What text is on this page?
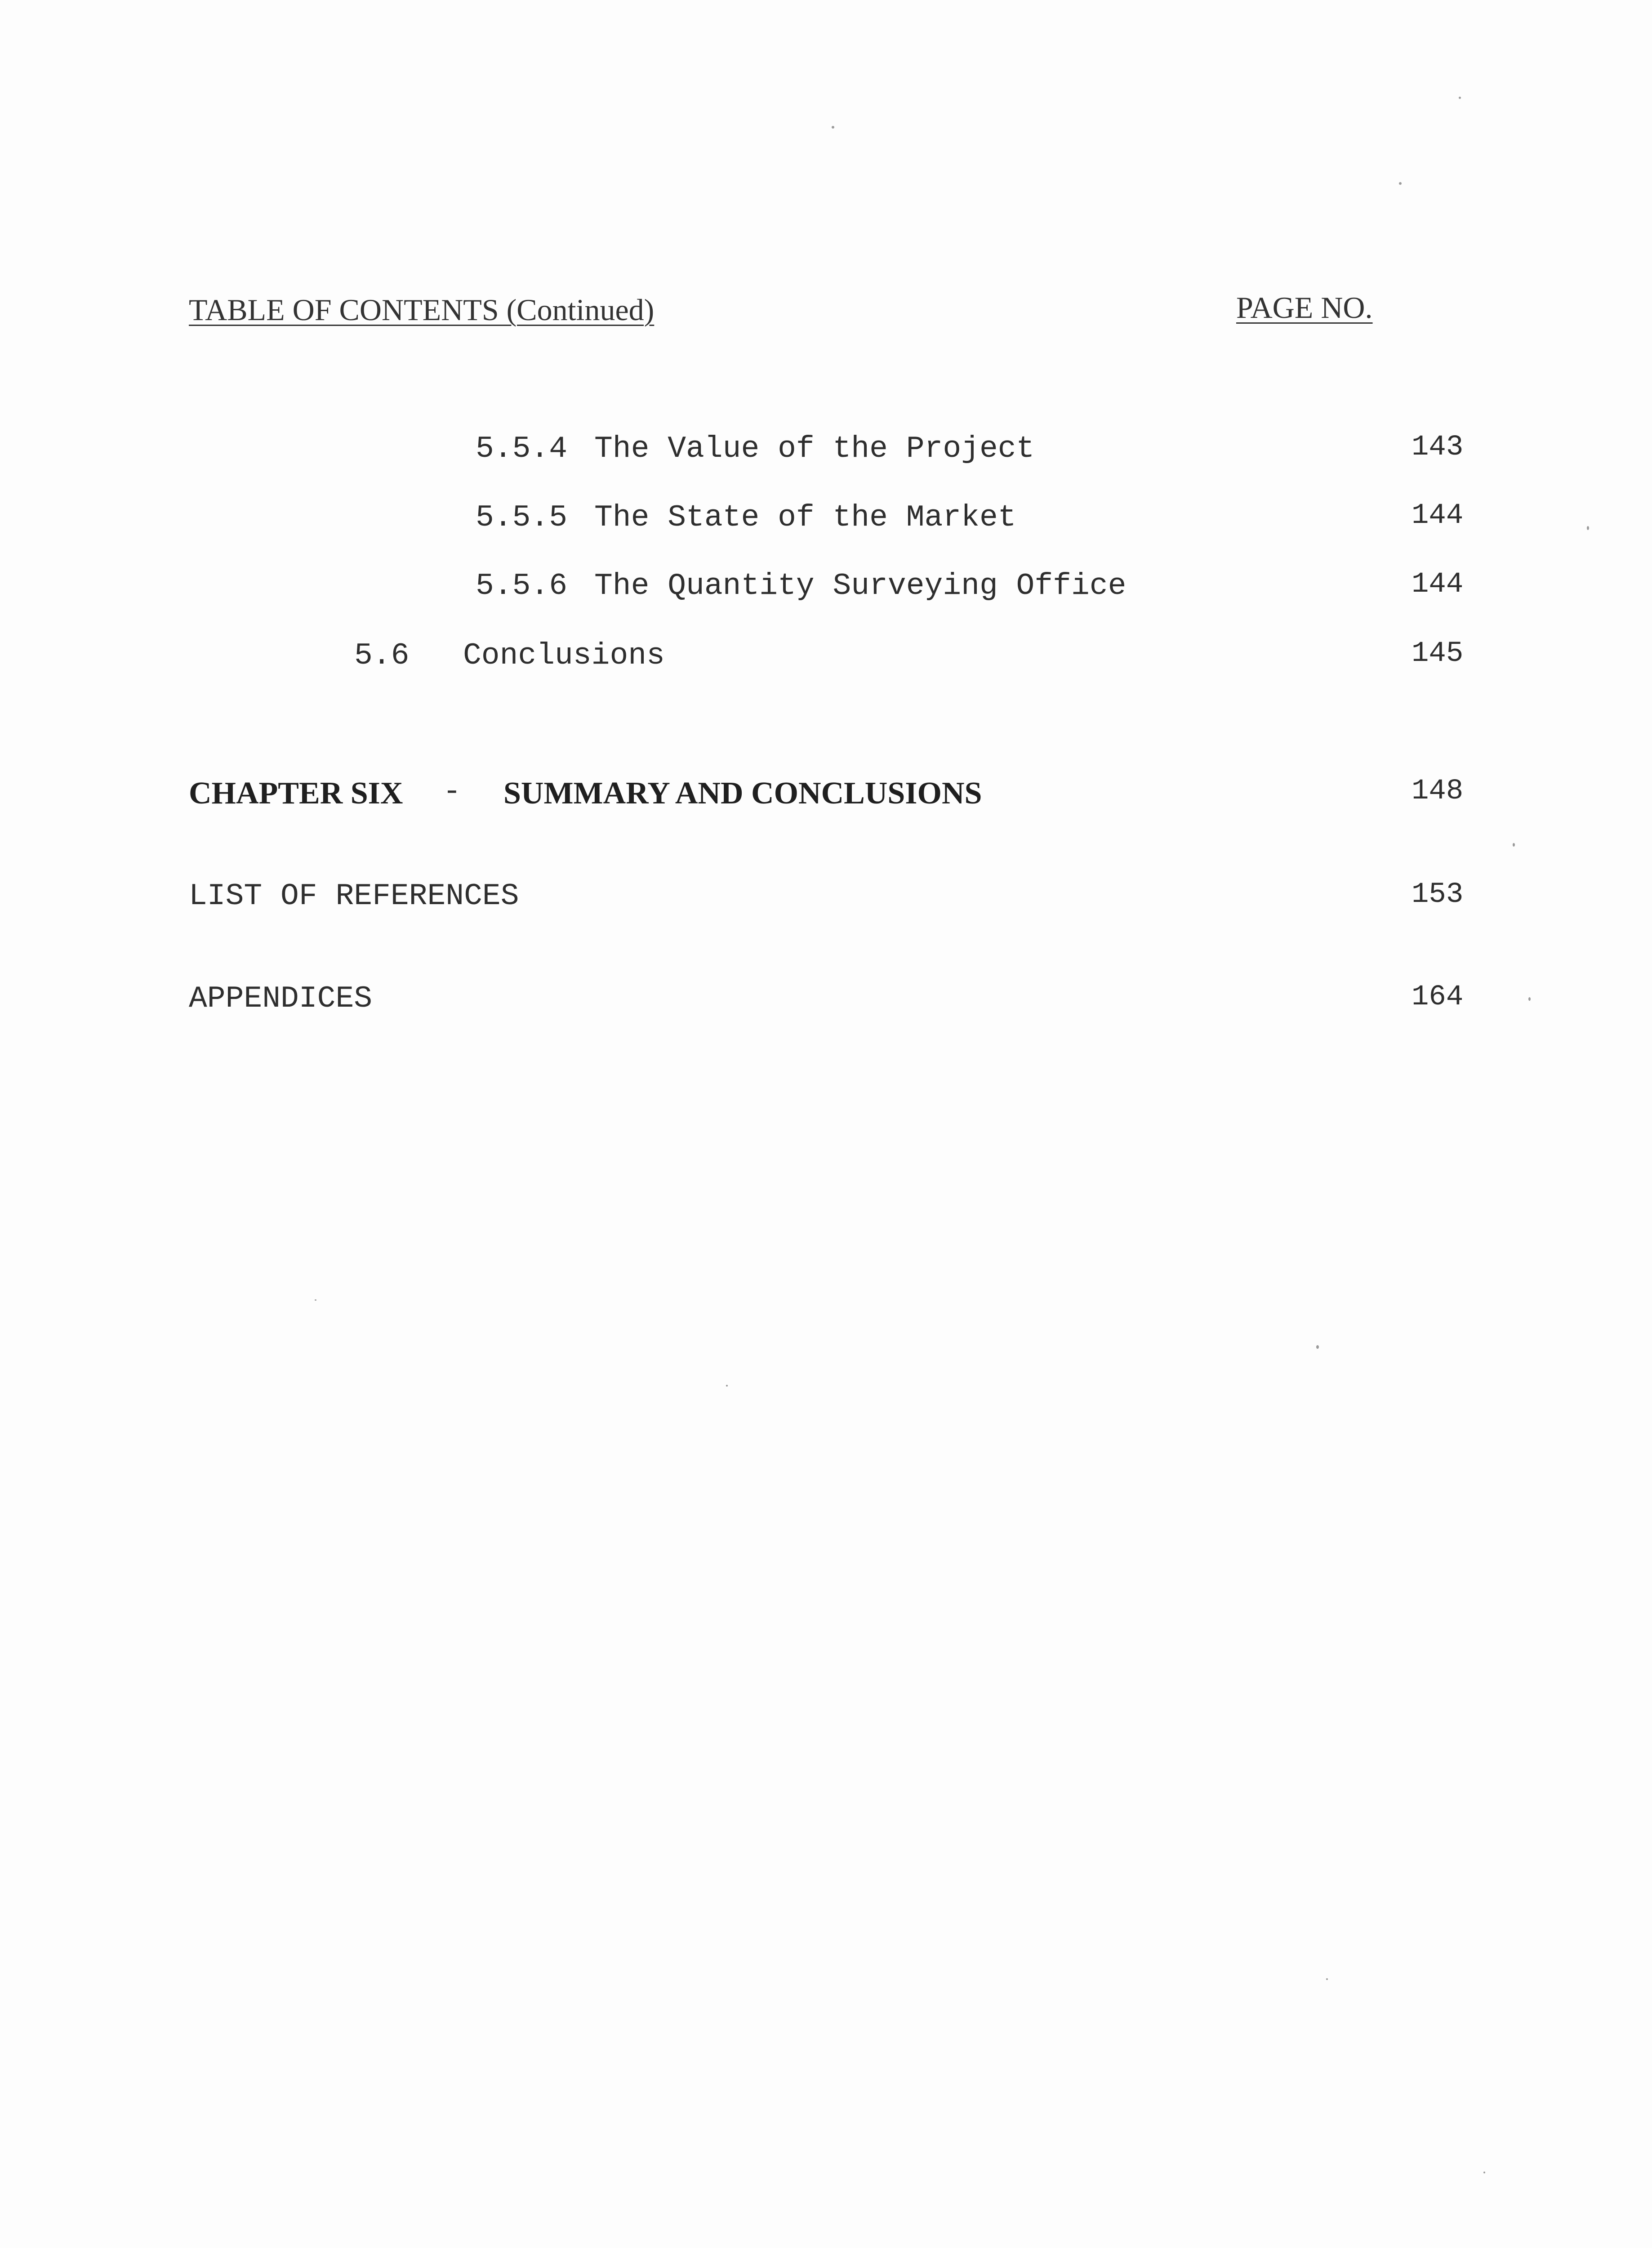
TABLE OF CONTENTS (Continued)	PAGE NO.
5.5.4 The Value of the Project	143
5.5.5 The State of the Market	144
5.5.6 The Quantity Surveying Office	144
5.6 Conclusions	145
CHAPTER SIX - SUMMARY AND CONCLUSIONS	148
LIST OF REFERENCES	153
APPENDICES	164
